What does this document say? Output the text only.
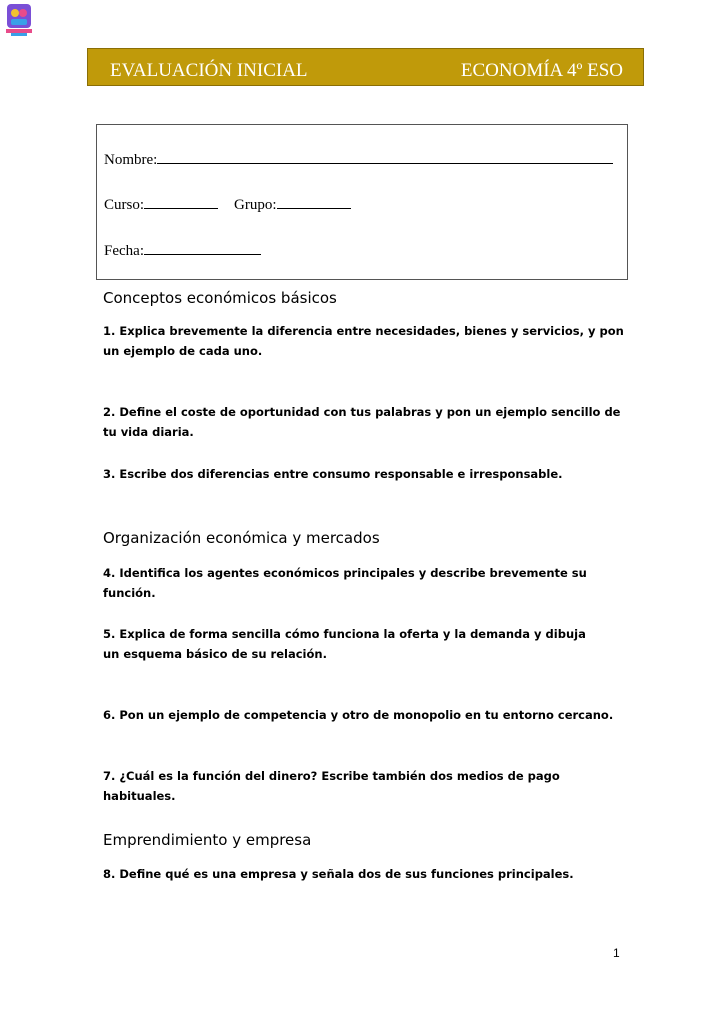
EVALUACIÓN INICIAL	ECONOMÍA 4º ESO
Nombre:
Curso:	Grupo:
Fecha:
Conceptos económicos básicos
1. Explica brevemente la diferencia entre necesidades, bienes y servicios, y pon un ejemplo de cada uno.
2. Define el coste de oportunidad con tus palabras y pon un ejemplo sencillo de tu vida diaria.
3. Escribe dos diferencias entre consumo responsable e irresponsable.
Organización económica y mercados
4. Identifica los agentes económicos principales y describe brevemente su función.
5. Explica de forma sencilla cómo funciona la oferta y la demanda y dibuja un esquema básico de su relación.
6. Pon un ejemplo de competencia y otro de monopolio en tu entorno cercano.
7. ¿Cuál es la función del dinero? Escribe también dos medios de pago habituales.
Emprendimiento y empresa
8. Define qué es una empresa y señala dos de sus funciones principales.
1
